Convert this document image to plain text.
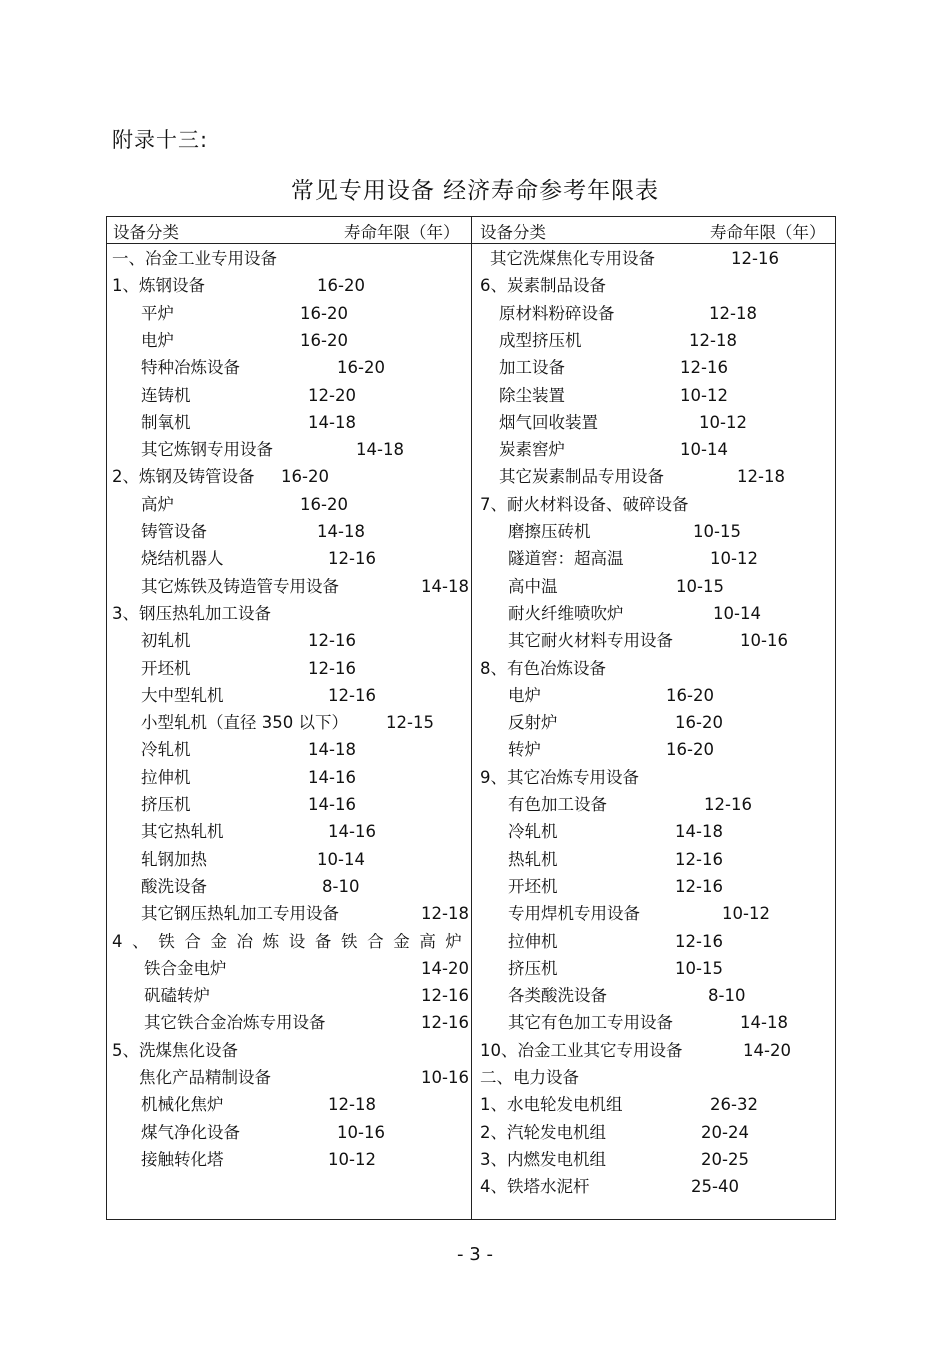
附录十三:
常见专用设备 经济寿命参考年限表
设备分类	寿命年限（年） 设备分类	寿命年限（年）
一、冶金工业专用设备
1、炼钢设备	16-20
平炉	16-20
电炉	16-20
特种冶炼设备	16-20
连铸机	12-20
制氧机	14-18
其它炼钢专用设备	14-18
2、炼钢及铸管设备 16-20
高炉	16-20
铸管设备	14-18
烧结机器人	12-16
其它炼铁及铸造管专用设备	14-18
3、钢压热轧加工设备
初轧机	12-16
开坯机	12-16
大中型轧机	12-16
小型轧机（直径 350 以下） 12-15
冷轧机	14-18
拉伸机	14-16
挤压机	14-16
其它热轧机	14-16
轧钢加热	10-14
酸洗设备	8-10
其它钢压热轧加工专用设备	12-18
4 、 铁 合 金 冶 炼 设 备 铁 合 金 高 炉
铁合金电炉	14-20
矾磕转炉	12-16
其它铁合金冶炼专用设备	12-16
5、洗煤焦化设备
焦化产品精制设备	10-16
机械化焦炉	12-18
煤气净化设备	10-16
接触转化塔	10-12
其它洗煤焦化专用设备	12-16
6、炭素制品设备
原材料粉碎设备	12-18
成型挤压机	12-18
加工设备	12-16
除尘装置	10-12
烟气回收装置	10-12
炭素窖炉	10-14
其它炭素制品专用设备	12-18
7、耐火材料设备、破碎设备
磨擦压砖机	10-15
隧道窖：超高温	10-12
高中温	10-15
耐火纤维喷吹炉	10-14
其它耐火材料专用设备	10-16
8、有色冶炼设备
电炉	16-20
反射炉	16-20
转炉	16-20
9、其它冶炼专用设备
有色加工设备	12-16
冷轧机	14-18
热轧机	12-16
开坯机	12-16
专用焊机专用设备	10-12
拉伸机	12-16
挤压机	10-15
各类酸洗设备	8-10
其它有色加工专用设备	14-18
10、冶金工业其它专用设备	14-20
二、电力设备
1、水电轮发电机组	26-32
2、汽轮发电机组	20-24
3、内燃发电机组	20-25
4、铁塔水泥杆	25-40
- 3 -
